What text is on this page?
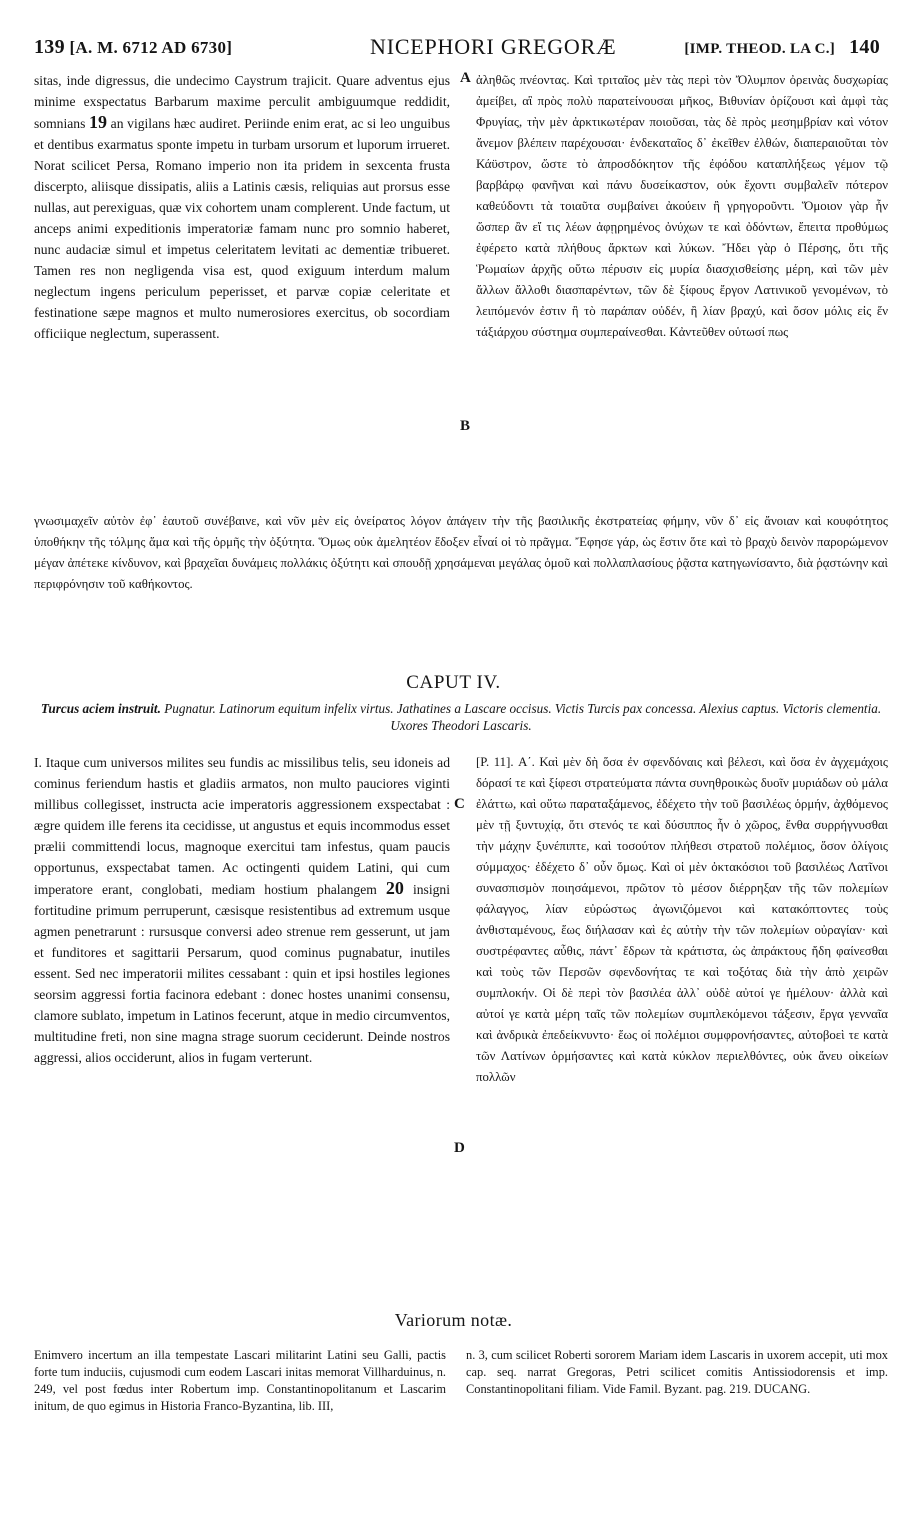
139 [A. M. 6712 AD 6730]	NICEPHORI GREGORÆ	[IMP. THEOD. LA C.] 140
sitas, inde digressus, die undecimo Caystrum trajicit. Quare adventus ejus minime exspectatus Barbarum maxime perculit ambiguumque reddidit, somnians 19 an vigilans hæc audiret. Periinde enim erat, ac si leo unguibus et dentibus exarmatus sponte impetu in turbam ursorum et luporum irrueret. Norat scilicet Persa, Romano imperio non ita pridem in sexcenta frusta discerpto, aliisque dissipatis, aliis a Latinis cæsis, reliquias aut prorsus esse nullas, aut perexiguas, quæ vix cohortem unam complerent. Unde factum, ut anceps animi expeditionis imperatoriæ famam nunc pro somnio haberet, nunc audaciæ simul et impetus celeritatem levitati ac dementiæ tribueret. Tamen res non negligenda visa est, quod exiguum interdum malum neglectum ingens periculum peperisset, et parvæ copiæ celeritate et festinatione sæpe magnos et multo numerosiores exercitus, ob socordiam officiique neglectum, superassent.
A
B
ἀληθῶς πνέοντας. Καὶ τριταῖος μὲν τὰς περὶ τὸν Ὄλυμπον ὀρεινὰς δυσχωρίας ἀμείβει, αἳ πρὸς πολὺ παρατείνουσαι μῆκος, Βιθυνίαν ὁρίζουσι καὶ ἀμφὶ τὰς Φρυγίας, τὴν μὲν ἀρκτικωτέραν ποιοῦσαι, τὰς δὲ πρὸς μεσημβρίαν καὶ νότον ἄνεμον βλέπειν παρέχουσαι· ἑνδεκαταῖος δ᾽ ἐκεῖθεν ἐλθών, διαπεραιοῦται τὸν Κάϋστρον, ὥστε τὸ ἀπροσδόκητον τῆς ἐφόδου καταπλήξεως γέμον τῷ βαρβάρῳ φανῆναι καὶ πάνυ δυσείκαστον, οὐκ ἔχοντι συμβαλεῖν πότερον καθεύδοντι τὰ τοιαῦτα συμβαίνει ἀκούειν ἢ γρηγοροῦντι. Ὅμοιον γὰρ ἦν ὥσπερ ἂν εἴ τις λέων ἀφῃρημένος ὀνύχων τε καὶ ὀδόντων, ἔπειτα προθύμως ἐφέρετο κατὰ πλήθους ἄρκτων καὶ λύκων. Ἤδει γὰρ ὁ Πέρσης, ὅτι τῆς Ῥωμαίων ἀρχῆς οὕτω πέρυσιν εἰς μυρία διασχισθείσης μέρη, καὶ τῶν μὲν ἄλλων ἄλλοθι διασπαρέντων, τῶν δὲ ξίφους ἔργον Λατινικοῦ γενομένων, τὸ λειπόμενόν ἐστιν ἢ τὸ παράπαν οὐδέν, ἢ λίαν βραχύ, καὶ ὅσον μόλις εἰς ἕν τάξιάρχου σύστημα συμπεραίνεσθαι. Κἀντεῦθεν οὑτωσί πως
γνωσιμαχεῖν αὐτὸν ἐφ᾽ ἑαυτοῦ συνέβαινε, καὶ νῦν μὲν εἰς ὀνείρατος λόγον ἀπάγειν τὴν τῆς βασιλικῆς ἐκστρατείας φήμην, νῦν δ᾽ εἰς ἄνοιαν καὶ κουφότητος ὑποθήκην τῆς τόλμης ἅμα καὶ τῆς ὁρμῆς τὴν ὀξύτητα. Ὅμως οὐκ ἀμελητέον ἔδοξεν εἶναί οἱ τὸ πρᾶγμα. Ἔφησε γάρ, ὡς ἔστιν ὅτε καὶ τὸ βραχὺ δεινὸν παρορώμενον μέγαν ἀπέτεκε κίνδυνον, καὶ βραχεῖαι δυνάμεις πολλάκις ὀξύτητι καὶ σπουδῇ χρησάμεναι μεγάλας ὁμοῦ καὶ πολλαπλασίους ῥᾷστα κατηγωνίσαντο, διὰ ῥᾳστώνην καὶ περιφρόνησιν τοῦ καθήκοντος.
CAPUT IV.
Turcus aciem instruit. Pugnatur. Latinorum equitum infelix virtus. Jathatines a Lascare occisus. Victis Turcis pax concessa. Alexius captus. Victoris clementia. Uxores Theodori Lascaris.
I. Itaque cum universos milites seu fundis ac missilibus telis, seu idoneis ad cominus feriendum hastis et gladiis armatos, non multo pauciores viginti millibus collegisset, instructa acie imperatoris aggressionem exspectabat : ægre quidem ille ferens ita cecidisse, ut angustus et equis incommodus esset prælii committendi locus, magnoque exercitui tam infestus, quam paucis opportunus, exspectabat tamen. Ac octingenti quidem Latini, qui cum imperatore erant, conglobati, mediam hostium phalangem 20 insigni fortitudine primum perruperunt, cæsisque resistentibus ad extremum usque agmen penetrarunt : rursusque conversi adeo strenue rem gesserunt, ut jam et funditores et sagittarii Persarum, quod cominus pugnabatur, inutiles essent. Sed nec imperatorii milites cessabant : quin et ipsi hostiles legiones seorsim aggressi fortia facinora edebant : donec hostes unanimi consensu, clamore sublato, impetum in Latinos fecerunt, atque in medio circumventos, multitudine freti, non sine magna strage suorum ceciderunt. Deinde nostros aggressi, alios occiderunt, alios in fugam verterunt.
C
D
[P. 11]. Α΄. Καὶ μὲν δὴ ὅσα ἐν σφενδόναις καὶ βέλεσι, καὶ ὅσα ἐν ἀγχεμάχοις δόρασί τε καὶ ξίφεσι στρατεύματα πάντα συνηθροικὼς δυοῖν μυριάδων οὐ μάλα ἐλάττω, καὶ οὕτω παραταξάμενος, ἐδέχετο τὴν τοῦ βασιλέως ὁρμήν, ἀχθόμενος μὲν τῇ ξυντυχίᾳ, ὅτι στενός τε καὶ δύσιππος ἦν ὁ χῶρος, ἔνθα συρρήγνυσθαι τὴν μάχην ξυνέπιπτε, καὶ τοσούτον πλήθεσι στρατοῦ πολέμιος, ὅσον ὀλίγοις σύμμαχος· ἐδέχετο δ᾽ οὖν ὅμως. Καὶ οἱ μὲν ὀκτακόσιοι τοῦ βασιλέως Λατῖνοι συνασπισμὸν ποιησάμενοι, πρῶτον τὸ μέσον διέρρηξαν τῆς τῶν πολεμίων φάλαγγος, λίαν εὐρώστως ἀγωνιζόμενοι καὶ κατακόπτοντες τοὺς ἀνθισταμένους, ἕως διήλασαν καὶ ἐς αὐτὴν τὴν τῶν πολεμίων οὐραγίαν· καὶ συστρέφαντες αὖθις, πάντ᾽ ἔδρων τὰ κράτιστα, ὡς ἀπράκτους ἤδη φαίνεσθαι καὶ τοὺς τῶν Περσῶν σφενδονήτας τε καὶ τοξότας διὰ τὴν ἀπὸ χειρῶν συμπλοκήν. Οἱ δὲ περὶ τὸν βασιλέα ἀλλ᾽ οὐδὲ αὐτοί γε ἠμέλουν· ἀλλὰ καὶ αὐτοί γε κατὰ μέρη ταῖς τῶν πολεμίων συμπλεκόμενοι τάξεσιν, ἔργα γενναῖα καὶ ἀνδρικὰ ἐπεδείκνυντο· ἕως οἱ πολέμιοι συμφρονήσαντες, αὐτοβοεὶ τε κατὰ τῶν Λατίνων ὁρμήσαντες καὶ κατὰ κύκλον περιελθόντες, οὐκ ἄνευ οἰκείων πολλῶν
Variorum notæ.
Enimvero incertum an illa tempestate Lascari militarint Latini seu Galli, pactis forte tum induciis, cujusmodi cum eodem Lascari initas memorat Villharduinus, n. 249, vel post fœdus inter Robertum imp. Constantinopolitanum et Lascarim initum, de quo egimus in Historia Franco-Byzantina, lib. III,
n. 3, cum scilicet Roberti sororem Mariam idem Lascaris in uxorem accepit, uti mox cap. seq. narrat Gregoras, Petri scilicet comitis Antissiodorensis et imp. Constantinopolitani filiam. Vide Famil. Byzant. pag. 219. DUCANG.
